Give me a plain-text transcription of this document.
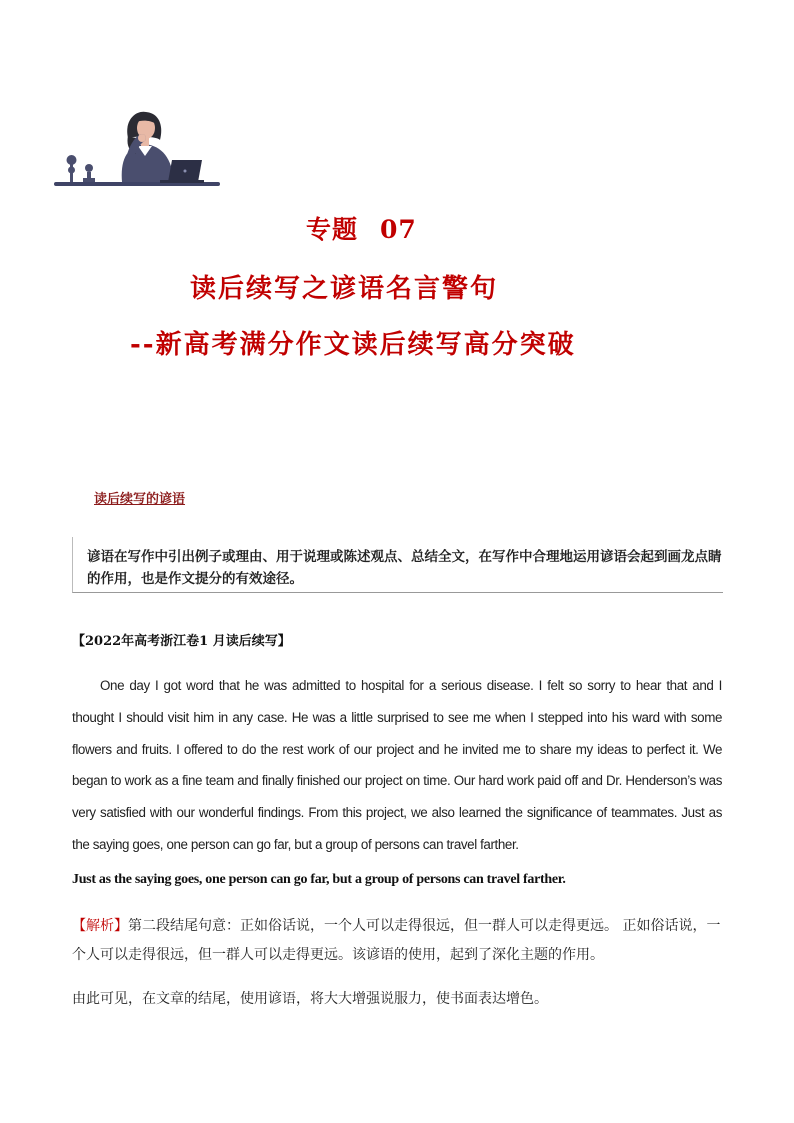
专题 07
读后续写之谚语名言警句
--新高考满分作文读后续写高分突破
读后续写的谚语
谚语在写作中引出例子或理由、用于说理或陈述观点、总结全文，在写作中合理地运用谚语会起到画龙点睛的作用，也是作文提分的有效途径。
【2022年高考浙江卷1 月读后续写】
One day I got word that he was admitted to hospital for a serious disease. I felt so sorry to hear that and I thought I should visit him in any case. He was a little surprised to see me when I stepped into his ward with some flowers and fruits. I offered to do the rest work of our project and he invited me to share my ideas to perfect it. We began to work as a fine team and finally finished our project on time. Our hard work paid off and Dr. Henderson’s was very satisfied with our wonderful findings. From this project, we also learned the significance of teammates. Just as the saying goes, one person can go far, but a group of persons can travel farther.
Just as the saying goes, one person can go far, but a group of persons can travel farther.
【解析】第二段结尾句意：正如俗话说，一个人可以走得很远，但一群人可以走得更远。 正如俗话说，一个人可以走得很远，但一群人可以走得更远。该谚语的使用，起到了深化主题的作用。
由此可见，在文章的结尾，使用谚语，将大大增强说服力，使书面表达增色。
